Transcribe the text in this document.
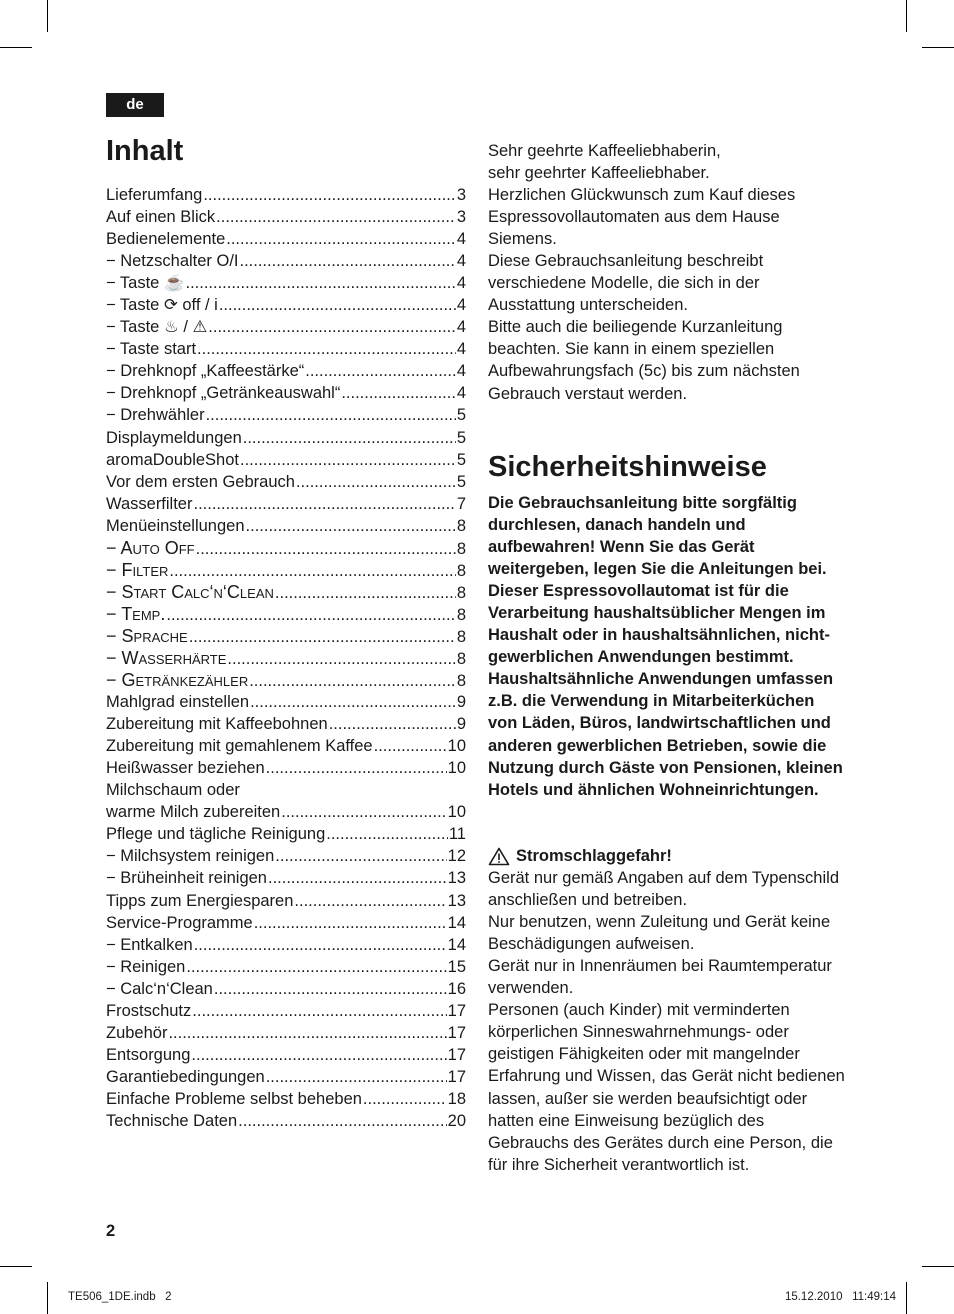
de
Inhalt
Lieferumfang .....	3
Auf einen Blick .....	3
Bedienelemente .....	4
− Netzschalter O/I .....	4
− Taste ☕ .....	4
− Taste ⟳ off / i .....	4
− Taste ♨ / ⚠ .....	4
− Taste start .....	4
− Drehknopf „Kaffeestärke“ .....	4
− Drehknopf „Getränkeauswahl“ .....	4
− Drehwähler .....	5
Displaymeldungen .....	5
aromaDoubleShot .....	5
Vor dem ersten Gebrauch .....	5
Wasserfilter .....	7
Menüeinstellungen .....	8
− Auto Off .....	8
− Filter .....	8
− Start Calc‘n‘Clean .....	8
− Temp. .....	8
− Sprache .....	8
− Wasserhärte .....	8
− Getränkezähler .....	8
Mahlgrad einstellen .....	9
Zubereitung mit Kaffeebohnen .....	9
Zubereitung mit gemahlenem Kaffee .....	10
Heißwasser beziehen .....	10
Milchschaum oder
warme Milch zubereiten .....	10
Pflege und tägliche Reinigung .....	11
− Milchsystem reinigen .....	12
− Brüheinheit reinigen .....	13
Tipps zum Energiesparen .....	13
Service-Programme .....	14
− Entkalken .....	14
− Reinigen .....	15
− Calc‘n‘Clean .....	16
Frostschutz .....	17
Zubehör .....	17
Entsorgung .....	17
Garantiebedingungen .....	17
Einfache Probleme selbst beheben .....	18
Technische Daten .....	20

Sehr geehrte Kaffeeliebhaberin,

sehr geehrter Kaffeeliebhaber.

Herzlichen Glückwunsch zum Kauf dieses Espressovollautomaten aus dem Hause Siemens.

Diese Gebrauchsanleitung beschreibt verschiedene Modelle, die sich in der Ausstattung unterscheiden.

Bitte auch die beiliegende Kurzanleitung beachten. Sie kann in einem speziellen Aufbewahrungsfach (5c) bis zum nächsten Gebrauch verstaut werden.

Sicherheitshinweise

Die Gebrauchsanleitung bitte sorgfältig durchlesen, danach handeln und aufbewahren! Wenn Sie das Gerät weitergeben, legen Sie die Anleitungen bei. Dieser Espressovollautomat ist für die Verarbeitung haushaltsüblicher Mengen im Haushalt oder in haushaltsähnlichen, nicht-gewerblichen Anwendungen bestimmt. Haushaltsähnliche Anwendungen umfassen z.B. die Verwendung in Mitarbeiterküchen von Läden, Büros, landwirtschaftlichen und anderen gewerblichen Betrieben, sowie die Nutzung durch Gäste von Pensionen, kleinen Hotels und ähnlichen Wohneinrichtungen.

Stromschlaggefahr!

Gerät nur gemäß Angaben auf dem Typenschild anschließen und betreiben.

Nur benutzen, wenn Zuleitung und Gerät keine Beschädigungen aufweisen.

Gerät nur in Innenräumen bei Raumtemperatur verwenden.

Personen (auch Kinder) mit verminderten körperlichen Sinneswahrnehmungs- oder geistigen Fähigkeiten oder mit mangelnder Erfahrung und Wissen, das Gerät nicht bedienen lassen, außer sie werden beaufsichtigt oder hatten eine Einweisung bezüglich des Gebrauchs des Gerätes durch eine Person, die für ihre Sicherheit verantwortlich ist.

2
TE506_1DE.indb   2	15.12.2010   11:49:14
